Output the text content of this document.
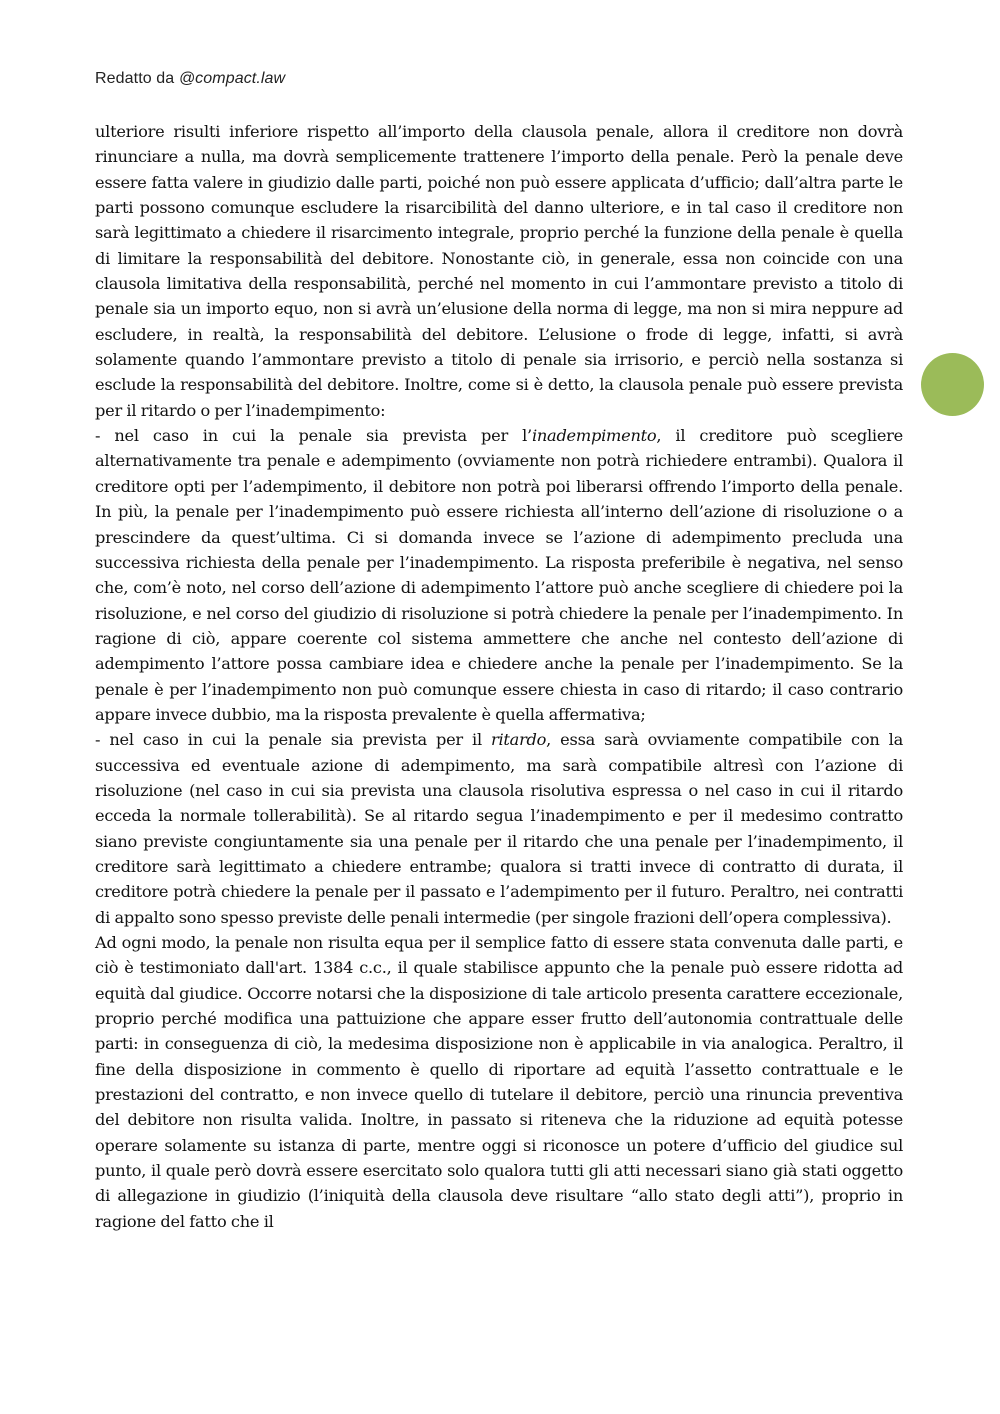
Redatto da @compact.law

ulteriore risulti inferiore rispetto all’importo della clausola penale, allora il creditore non dovrà rinunciare a nulla, ma dovrà semplicemente trattenere l’importo della penale. Però la penale deve essere fatta valere in giudizio dalle parti, poiché non può essere applicata d’ufficio; dall’altra parte le parti possono comunque escludere la risarcibilità del danno ulteriore, e in tal caso il creditore non sarà legittimato a chiedere il risarcimento integrale, proprio perché la funzione della penale è quella di limitare la responsabilità del debitore. Nonostante ciò, in generale, essa non coincide con una clausola limitativa della responsabilità, perché nel momento in cui l’ammontare previsto a titolo di penale sia un importo equo, non si avrà un’elusione della norma di legge, ma non si mira neppure ad escludere, in realtà, la responsabilità del debitore. L’elusione o frode di legge, infatti, si avrà solamente quando l’ammontare previsto a titolo di penale sia irrisorio, e perciò nella sostanza si esclude la responsabilità del debitore. Inoltre, come si è detto, la clausola penale può essere prevista per il ritardo o per l’inadempimento:

- nel caso in cui la penale sia prevista per l’inadempimento, il creditore può scegliere alternativamente tra penale e adempimento (ovviamente non potrà richiedere entrambi). Qualora il creditore opti per l’adempimento, il debitore non potrà poi liberarsi offrendo l’importo della penale. In più, la penale per l’inadempimento può essere richiesta all’interno dell’azione di risoluzione o a prescindere da quest’ultima. Ci si domanda invece se l’azione di adempimento precluda una successiva richiesta della penale per l’inadempimento. La risposta preferibile è negativa, nel senso che, com’è noto, nel corso dell’azione di adempimento l’attore può anche scegliere di chiedere poi la risoluzione, e nel corso del giudizio di risoluzione si potrà chiedere la penale per l’inadempimento. In ragione di ciò, appare coerente col sistema ammettere che anche nel contesto dell’azione di adempimento l’attore possa cambiare idea e chiedere anche la penale per l’inadempimento. Se la penale è per l’inadempimento non può comunque essere chiesta in caso di ritardo; il caso contrario appare invece dubbio, ma la risposta prevalente è quella affermativa;

- nel caso in cui la penale sia prevista per il ritardo, essa sarà ovviamente compatibile con la successiva ed eventuale azione di adempimento, ma sarà compatibile altresì con l’azione di risoluzione (nel caso in cui sia prevista una clausola risolutiva espressa o nel caso in cui il ritardo ecceda la normale tollerabilità). Se al ritardo segua l’inadempimento e per il medesimo contratto siano previste congiuntamente sia una penale per il ritardo che una penale per l’inadempimento, il creditore sarà legittimato a chiedere entrambe; qualora si tratti invece di contratto di durata, il creditore potrà chiedere la penale per il passato e l’adempimento per il futuro. Peraltro, nei contratti di appalto sono spesso previste delle penali intermedie (per singole frazioni dell’opera complessiva).

Ad ogni modo, la penale non risulta equa per il semplice fatto di essere stata convenuta dalle parti, e ciò è testimoniato dall'art. 1384 c.c., il quale stabilisce appunto che la penale può essere ridotta ad equità dal giudice. Occorre notarsi che la disposizione di tale articolo presenta carattere eccezionale, proprio perché modifica una pattuizione che appare esser frutto dell’autonomia contrattuale delle parti: in conseguenza di ciò, la medesima disposizione non è applicabile in via analogica. Peraltro, il fine della disposizione in commento è quello di riportare ad equità l’assetto contrattuale e le prestazioni del contratto, e non invece quello di tutelare il debitore, perciò una rinuncia preventiva del debitore non risulta valida. Inoltre, in passato si riteneva che la riduzione ad equità potesse operare solamente su istanza di parte, mentre oggi si riconosce un potere d’ufficio del giudice sul punto, il quale però dovrà essere esercitato solo qualora tutti gli atti necessari siano già stati oggetto di allegazione in giudizio (l’iniquità della clausola deve risultare “allo stato degli atti”), proprio in ragione del fatto che il
